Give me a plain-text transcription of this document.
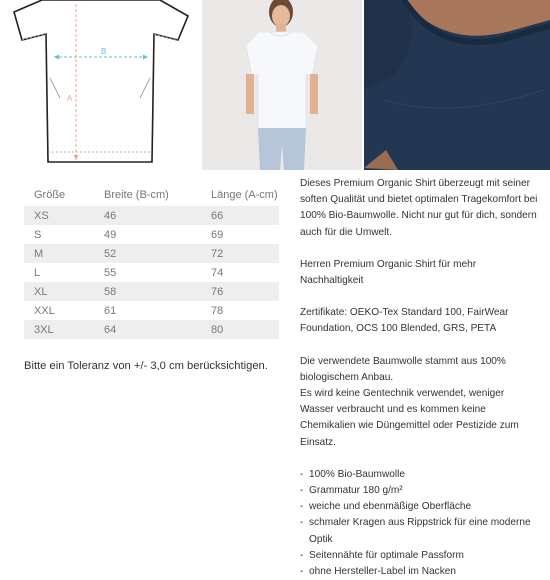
B
A
Größe	Breite (B-cm)	Länge (A-cm)
XS	46	66
S	49	69
M	52	72
L	55	74
XL	58	76
XXL	61	78
3XL	64	80
Bitte ein Toleranz von +/- 3,0 cm berücksichtigen.

Dieses Premium Organic Shirt überzeugt mit seiner soften Qualität und bietet optimalen Tragekomfort bei 100% Bio-Baumwolle. Nicht nur gut für dich, sondern auch für die Umwelt.

Herren Premium Organic Shirt für mehr Nachhaltigkeit

Zertifikate: OEKO-Tex Standard 100, FairWear Foundation, OCS 100 Blended, GRS, PETA

Die verwendete Baumwolle stammt aus 100% biologischem Anbau.
Es wird keine Gentechnik verwendet, weniger Wasser verbraucht und es kommen keine Chemikalien wie Düngemittel oder Pestizide zum Einsatz.

- 100% Bio-Baumwolle
- Grammatur 180 g/m²
- weiche und ebenmäßige Oberfläche
- schmaler Kragen aus Rippstrick für eine moderne Optik
- Seitennähte für optimale Passform
- ohne Hersteller-Label im Nacken
